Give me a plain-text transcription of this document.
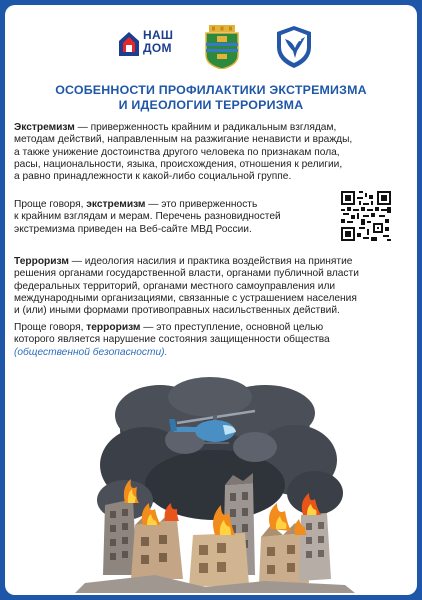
НАШ
ДОМ
ОСОБЕННОСТИ ПРОФИЛАКТИКИ ЭКСТРЕМИЗМА
И ИДЕОЛОГИИ ТЕРРОРИЗМА
Экстремизм — приверженность крайним и радикальным взглядам,
методам действий, направленным на разжигание ненависти и вражды,
а также унижение достоинства другого человека по признакам пола,
расы, национальности, языка, происхождения, отношения к религии,
а равно принадлежности к какой-либо социальной группе.
Проще говоря, экстремизм — это приверженность
к крайним взглядам и мерам. Перечень разновидностей
экстремизма приведен на Веб-сайте МВД России.
Терроризм — идеология насилия и практика воздействия на принятие
решения органами государственной власти, органами публичной власти
федеральных территорий, органами местного самоуправления или
международными организациями, связанные с устрашением населения
и (или) иными формами противоправных насильственных действий.
Проще говоря, терроризм — это преступление, основной целью
которого является нарушение состояния защищенности общества
(общественной безопасности).
